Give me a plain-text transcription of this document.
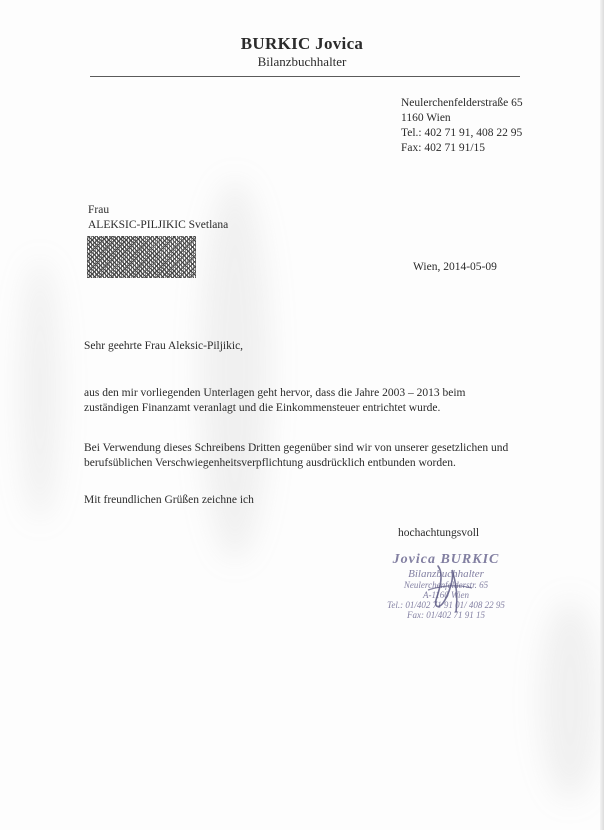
BURKIC Jovica
Bilanzbuchhalter
Neulerchenfelderstraße 65
1160 Wien
Tel.: 402 71 91, 408 22 95
Fax: 402 71 91/15
Frau
ALEKSIC-PILJIKIC Svetlana
Wien, 2014-05-09
Sehr geehrte Frau Aleksic-Piljikic,
aus den mir vorliegenden Unterlagen geht hervor, dass die Jahre 2003 – 2013 beim
zuständigen Finanzamt veranlagt und die Einkommensteuer entrichtet wurde.
Bei Verwendung dieses Schreibens Dritten gegenüber sind wir von unserer gesetzlichen und
berufsüblichen Verschwiegenheitsverpflichtung ausdrücklich entbunden worden.
Mit freundlichen Grüßen zeichne ich
hochachtungsvoll
Jovica BURKIC
Bilanzbuchhalter
Neulerchenfelderstr. 65
A-1160 Wien
Tel.: 01/402 71 91 01/ 408 22 95
Fax: 01/402 71 91 15
